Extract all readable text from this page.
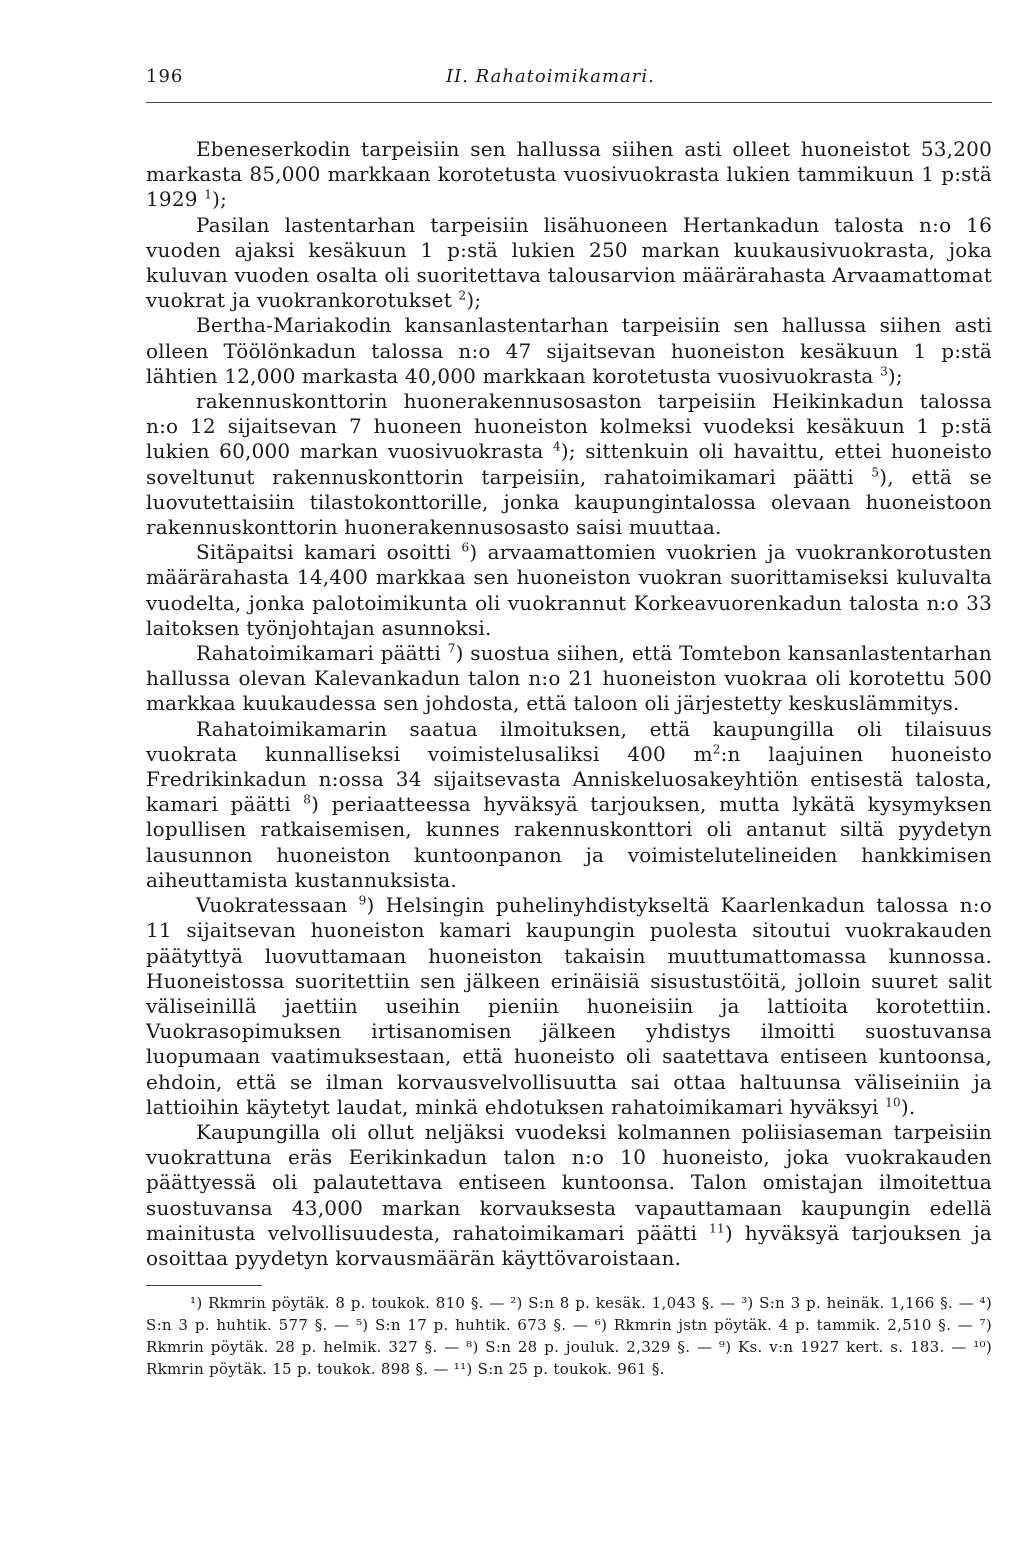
196	II. Rahatoimikamari.

Ebeneserkodin tarpeisiin sen hallussa siihen asti olleet huoneistot 53,200 markasta 85,000 markkaan korotetusta vuosivuokrasta lukien tammikuun 1 p:stä 1929 $^1$);

Pasilan lastentarhan tarpeisiin lisähuoneen Hertankadun talosta n:o 16 vuoden ajaksi kesäkuun 1 p:stä lukien 250 markan kuukausivuokrasta, joka kuluvan vuoden osalta oli suoritettava talousarvion määrärahasta Arvaamattomat vuokrat ja vuokrankorotukset $^2$);

Bertha-Mariakodin kansanlastentarhan tarpeisiin sen hallussa siihen asti olleen Töölönkadun talossa n:o 47 sijaitsevan huoneiston kesäkuun 1 p:stä lähtien 12,000 markasta 40,000 markkaan korotetusta vuosivuokrasta $^3$);

rakennuskonttorin huonerakennusosaston tarpeisiin Heikinkadun talossa n:o 12 sijaitsevan 7 huoneen huoneiston kolmeksi vuodeksi kesäkuun 1 p:stä lukien 60,000 markan vuosivuokrasta $^4$); sittenkuin oli havaittu, ettei huoneisto soveltunut rakennuskonttorin tarpeisiin, rahatoimikamari päätti $^5$), että se luovutettaisiin tilastokonttorille, jonka kaupungintalossa olevaan huoneistoon rakennuskonttorin huonerakennusosasto saisi muuttaa.

Sitäpaitsi kamari osoitti $^6$) arvaamattomien vuokrien ja vuokrankorotusten määrärahasta 14,400 markkaa sen huoneiston vuokran suorittamiseksi kuluvalta vuodelta, jonka palotoimikunta oli vuokrannut Korkeavuorenkadun talosta n:o 33 laitoksen työnjohtajan asunnoksi.

Rahatoimikamari päätti $^7$) suostua siihen, että Tomtebon kansanlastentarhan hallussa olevan Kalevankadun talon n:o 21 huoneiston vuokraa oli korotettu 500 markkaa kuukaudessa sen johdosta, että taloon oli järjestetty keskuslämmitys.

Rahatoimikamarin saatua ilmoituksen, että kaupungilla oli tilaisuus vuokrata kunnalliseksi voimistelusaliksi 400 $m^2:n$ laajuinen huoneisto Fredrikinkadun n:ossa 34 sijaitsevasta Anniskeluosakeyhtiön entisestä talosta, kamari päätti $^8$) periaatteessa hyväksyä tarjouksen, mutta lykätä kysymyksen lopullisen ratkaisemisen, kunnes rakennuskonttori oli antanut siltä pyydetyn lausunnon huoneiston kuntoonpanon ja voimistelutelineiden hankkimisen aiheuttamista kustannuksista.

Vuokratessaan $^9$) Helsingin puhelinyhdistykseltä Kaarlenkadun talossa n:o 11 sijaitsevan huoneiston kamari kaupungin puolesta sitoutui vuokrakauden päätyttyä luovuttamaan huoneiston takaisin muuttumattomassa kunnossa. Huoneistossa suoritettiin sen jälkeen erinäisiä sisustustöitä, jolloin suuret salit väliseinillä jaettiin useihin pieniin huoneisiin ja lattioita korotettiin. Vuokrasopimuksen irtisanomisen jälkeen yhdistys ilmoitti suostuvansa luopumaan vaatimuksestaan, että huoneisto oli saatettava entiseen kuntoonsa, ehdoin, että se ilman korvausvelvollisuutta sai ottaa haltuunsa väliseiniin ja lattioihin käytetyt laudat, minkä ehdotuksen rahatoimikamari hyväksyi $^{10}$).

Kaupungilla oli ollut neljäksi vuodeksi kolmannen poliisiaseman tarpeisiin vuokrattuna eräs Eerikinkadun talon n:o 10 huoneisto, joka vuokrakauden päättyessä oli palautettava entiseen kuntoonsa. Talon omistajan ilmoitettua suostuvansa 43,000 markan korvauksesta vapauttamaan kaupungin edellä mainitusta velvollisuudesta, rahatoimikamari päätti $^{11}$) hyväksyä tarjouksen ja osoittaa pyydetyn korvausmäärän käyttövaroistaan.

¹) Rkmrin pöytäk. 8 p. toukok. 810 §. — ²) S:n 8 p. kesäk. 1,043 §. — ³) S:n 3 p. heinäk. 1,166 §. — ⁴) S:n 3 p. huhtik. 577 §. — ⁵) S:n 17 p. huhtik. 673 §. — ⁶) Rkmrin jstn pöytäk. 4 p. tammik. 2,510 §. — ⁷) Rkmrin pöytäk. 28 p. helmik. 327 §. — ⁸) S:n 28 p. jouluk. 2,329 §. — ⁹) Ks. v:n 1927 kert. s. 183. — ¹⁰) Rkmrin pöytäk. 15 p. toukok. 898 §. — ¹¹) S:n 25 p. toukok. 961 §.
